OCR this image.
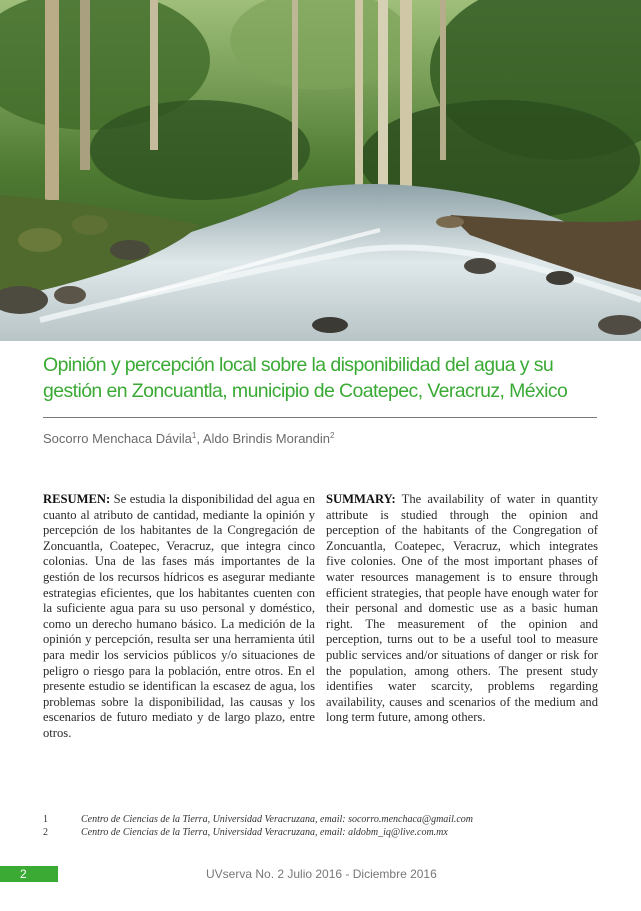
Opinión y percepción local sobre la disponibilidad del agua y su gestión en Zoncuantla, municipio de Coatepec, Veracruz, México
Socorro Menchaca Dávila$^1$, Aldo Brindis Morandin$^2$
RESUMEN: Se estudia la disponibilidad del agua en cuanto al atributo de cantidad, mediante la opinión y percepción de los habitantes de la Congregación de Zoncuantla, Coatepec, Veracruz, que integra cinco colonias. Una de las fases más importantes de la gestión de los recursos hídricos es asegurar mediante estrategias eficientes, que los habitantes cuenten con la suficiente agua para su uso personal y doméstico, como un derecho humano básico. La medición de la opinión y percepción, resulta ser una herramienta útil para medir los servicios públicos y/o situaciones de peligro o riesgo para la población, entre otros. En el presente estudio se identifican la escasez de agua, los problemas sobre la disponibilidad, las causas y los escenarios de futuro mediato y de largo plazo, entre otros.
SUMMARY: The availability of water in quantity attribute is studied through the opinion and perception of the habitants of the Congregation of Zoncuantla, Coatepec, Veracruz, which integrates five colonies. One of the most important phases of water resources management is to ensure through efficient strategies, that people have enough water for their personal and domestic use as a basic human right. The measurement of the opinion and perception, turns out to be a useful tool to measure public services and/or situations of danger or risk for the population, among others. The present study identifies water scarcity, problems regarding availability, causes and scenarios of the medium and long term future, among others.
1	Centro de Ciencias de la Tierra, Universidad Veracruzana, email: socorro.menchaca@gmail.com
2	Centro de Ciencias de la Tierra, Universidad Veracruzana, email: aldobm_iq@live.com.mx
2	UVserva No. 2 Julio 2016 - Diciembre 2016
